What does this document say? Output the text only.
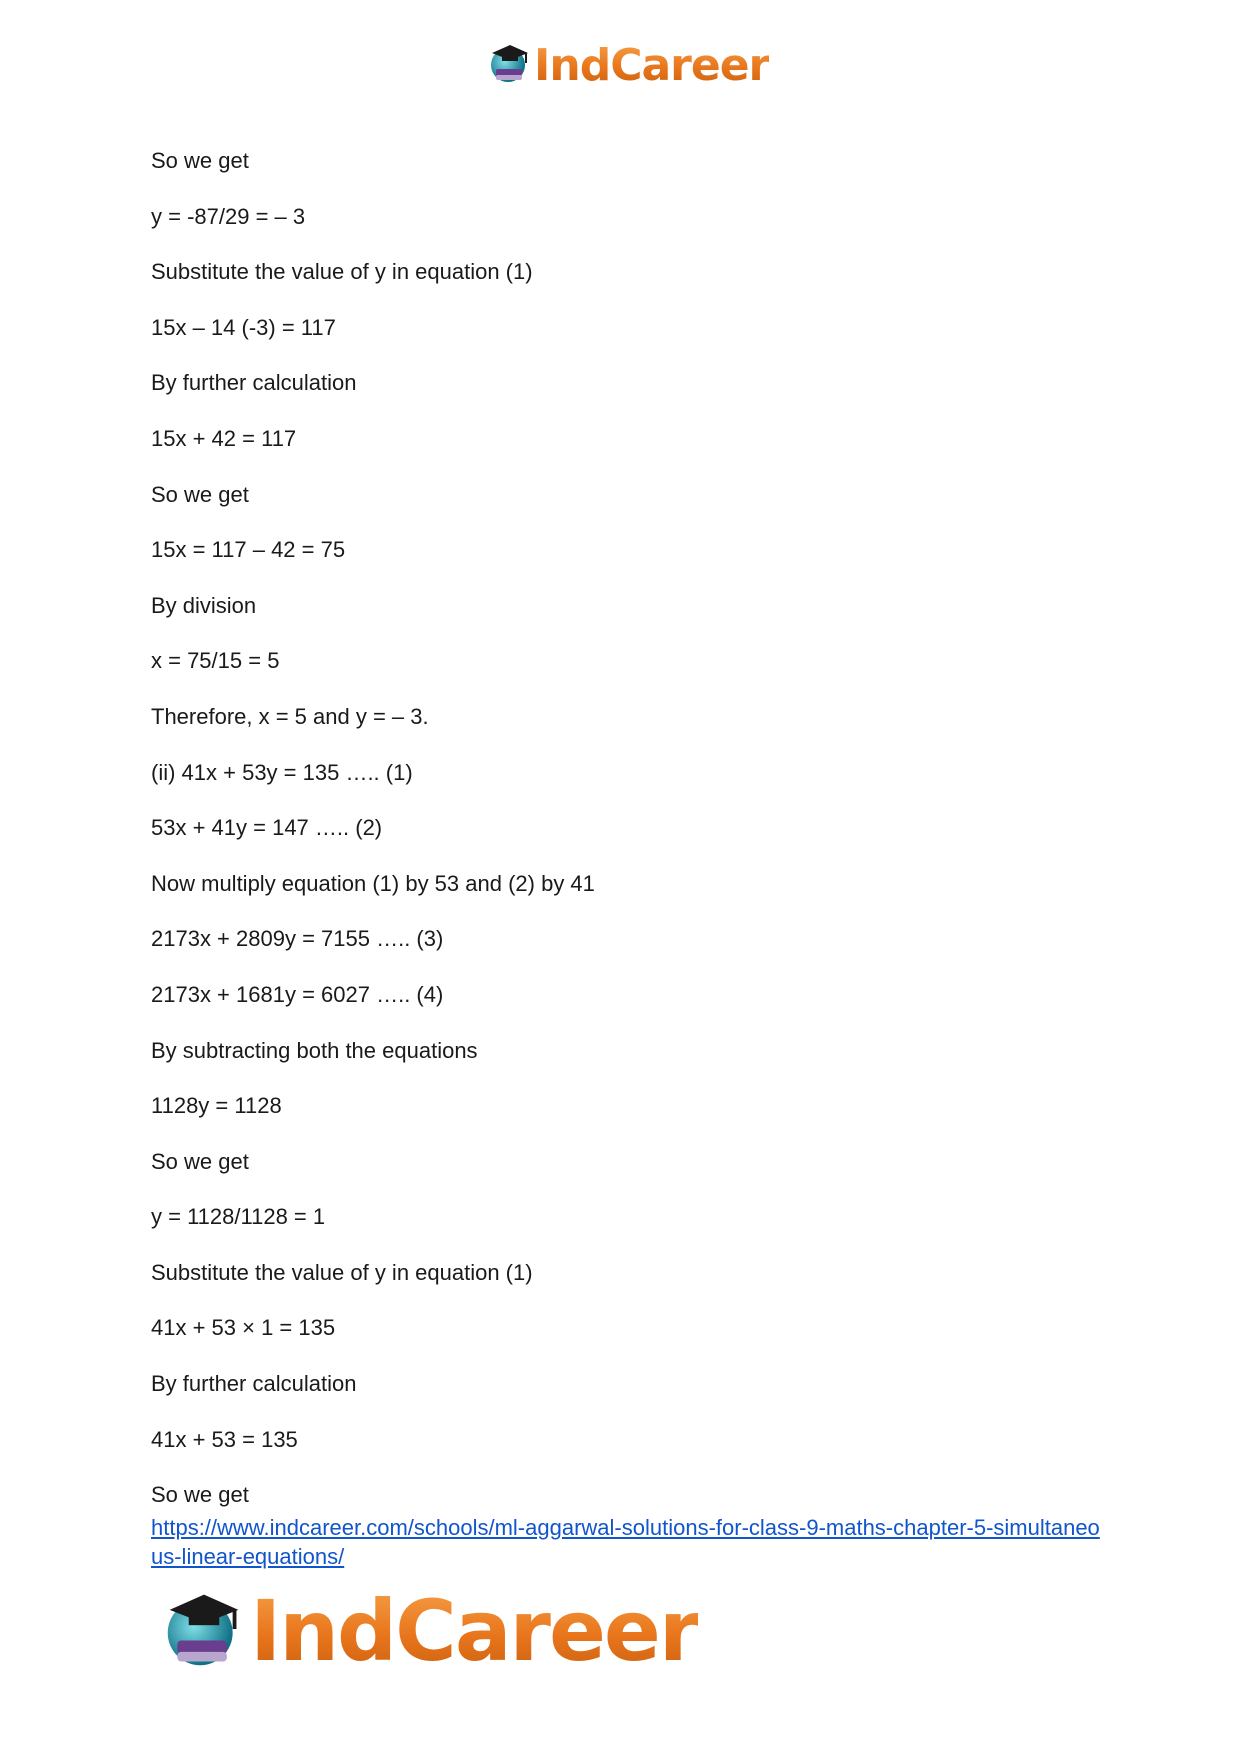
IndCareer
So we get
y = -87/29 = – 3
Substitute the value of y in equation (1)
15x – 14 (-3) = 117
By further calculation
15x + 42 = 117
So we get
15x = 117 – 42 = 75
By division
x = 75/15 = 5
Therefore, x = 5 and y = – 3.
(ii) 41x + 53y = 135 ….. (1)
53x + 41y = 147 ….. (2)
Now multiply equation (1) by 53 and (2) by 41
2173x + 2809y = 7155 ….. (3)
2173x + 1681y = 6027 ….. (4)
By subtracting both the equations
1128y = 1128
So we get
y = 1128/1128 = 1
Substitute the value of y in equation (1)
41x + 53 × 1 = 135
By further calculation
41x + 53 = 135
So we get
https://www.indcareer.com/schools/ml-aggarwal-solutions-for-class-9-maths-chapter-5-simultaneous-linear-equations/
IndCareer
